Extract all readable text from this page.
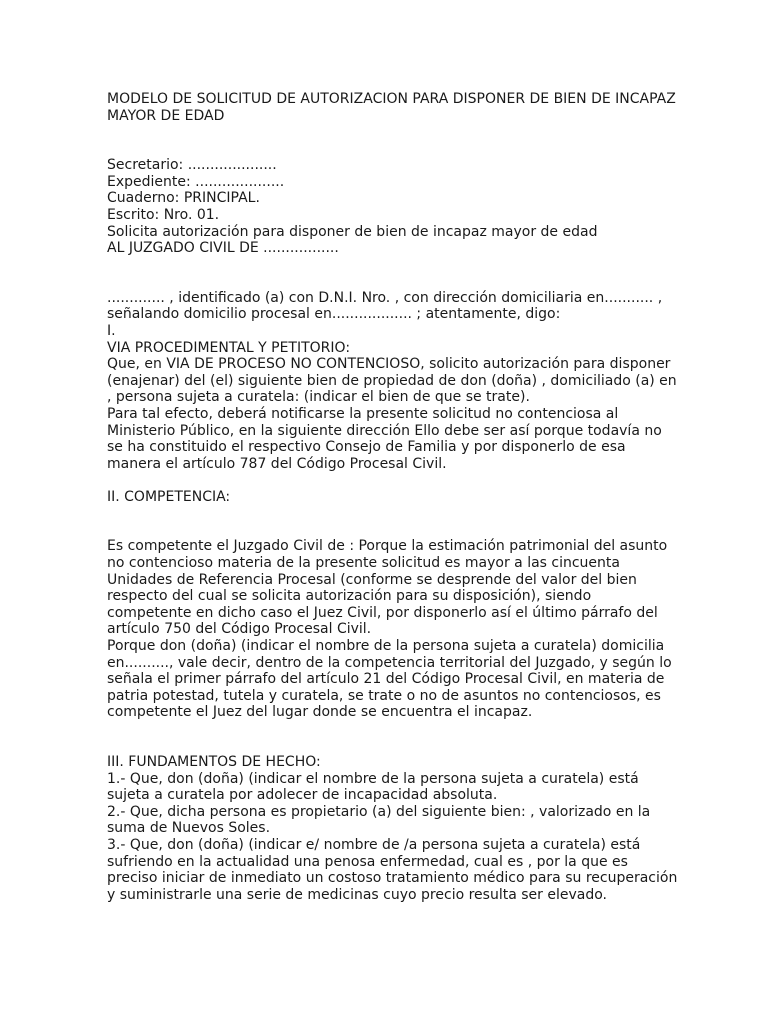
MODELO DE SOLICITUD DE AUTORIZACION PARA DISPONER DE BIEN DE INCAPAZ
MAYOR DE EDAD
Secretario: ....................
Expediente: ....................
Cuaderno: PRINCIPAL.
Escrito: Nro. 01.
Solicita autorización para disponer de bien de incapaz mayor de edad
AL JUZGADO CIVIL DE .................
............. , identificado (a) con D.N.I. Nro. , con dirección domiciliaria en........... ,
señalando domicilio procesal en.................. ; atentamente, digo:
I.
VIA PROCEDIMENTAL Y PETITORIO:
Que, en VIA DE PROCESO NO CONTENCIOSO, solicito autorización para disponer
(enajenar) del (el) siguiente bien de propiedad de don (doña) , domiciliado (a) en
, persona sujeta a curatela: (indicar el bien de que se trate).
Para tal efecto, deberá notificarse la presente solicitud no contenciosa al
Ministerio Público, en la siguiente dirección Ello debe ser así porque todavía no
se ha constituido el respectivo Consejo de Familia y por disponerlo de esa
manera el artículo 787 del Código Procesal Civil.
II. COMPETENCIA:
Es competente el Juzgado Civil de : Porque la estimación patrimonial del asunto
no contencioso materia de la presente solicitud es mayor a las cincuenta
Unidades de Referencia Procesal (conforme se desprende del valor del bien
respecto del cual se solicita autorización para su disposición), siendo
competente en dicho caso el Juez Civil, por disponerlo así el último párrafo del
artículo 750 del Código Procesal Civil.
Porque don (doña) (indicar el nombre de la persona sujeta a curatela) domicilia
en.........., vale decir, dentro de la competencia territorial del Juzgado, y según lo
señala el primer párrafo del artículo 21 del Código Procesal Civil, en materia de
patria potestad, tutela y curatela, se trate o no de asuntos no contenciosos, es
competente el Juez del lugar donde se encuentra el incapaz.
III. FUNDAMENTOS DE HECHO:
1.- Que, don (doña) (indicar el nombre de la persona sujeta a curatela) está
sujeta a curatela por adolecer de incapacidad absoluta.
2.- Que, dicha persona es propietario (a) del siguiente bien: , valorizado en la
suma de Nuevos Soles.
3.- Que, don (doña) (indicar e/ nombre de /a persona sujeta a curatela) está
sufriendo en la actualidad una penosa enfermedad, cual es , por la que es
preciso iniciar de inmediato un costoso tratamiento médico para su recuperación
y suministrarle una serie de medicinas cuyo precio resulta ser elevado.
